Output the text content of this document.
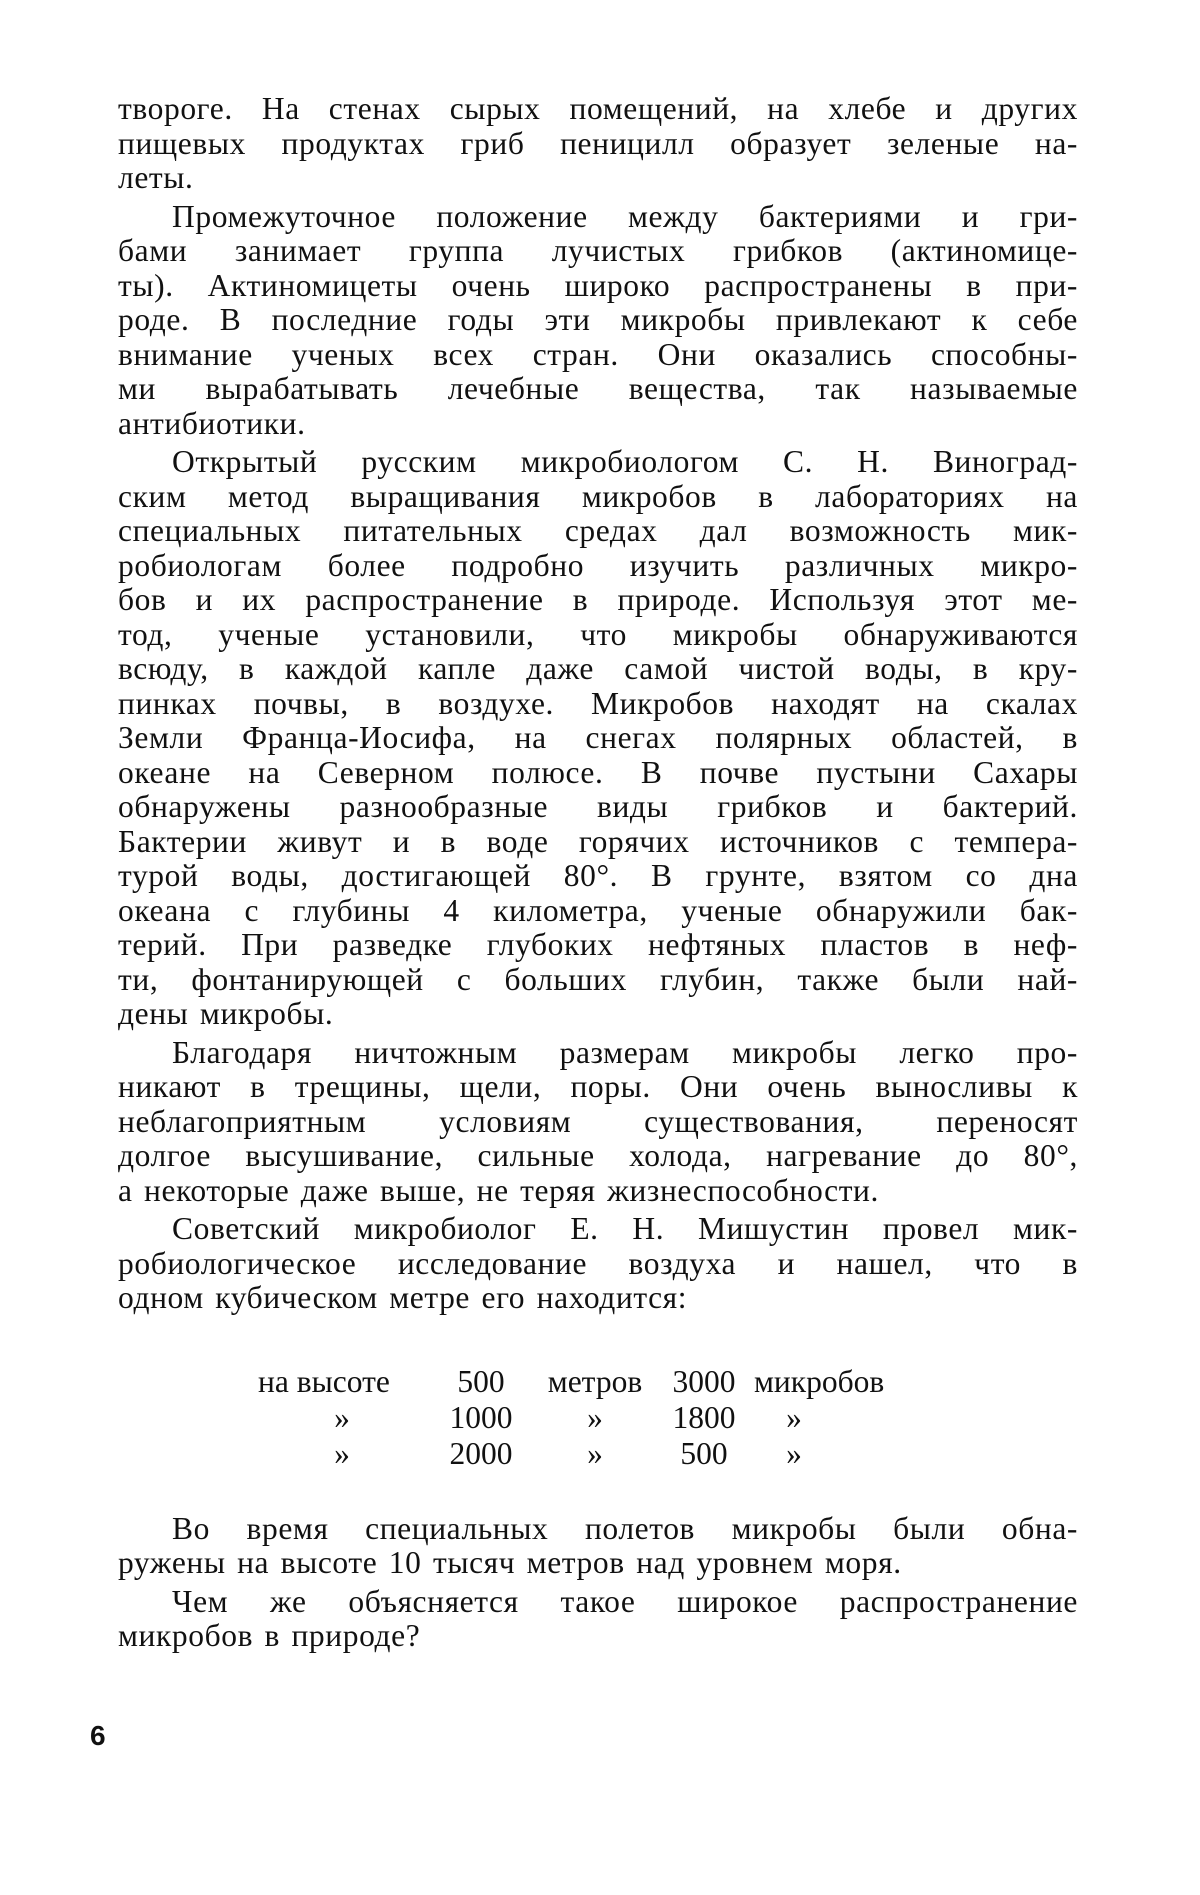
твороге. На стенах сырых помещений, на хлебе и других
пищевых продуктах гриб пеницилл образует зеленые на-
леты.
Промежуточное положение между бактериями и гри-
бами занимает группа лучистых грибков (актиномице-
ты). Актиномицеты очень широко распространены в при-
роде. В последние годы эти микробы привлекают к себе
внимание ученых всех стран. Они оказались способны-
ми вырабатывать лечебные вещества, так называемые
антибиотики.
Открытый русским микробиологом С. Н. Виноград-
ским метод выращивания микробов в лабораториях на
специальных питательных средах дал возможность мик-
робиологам более подробно изучить различных микро-
бов и их распространение в природе. Используя этот ме-
тод, ученые установили, что микробы обнаруживаются
всюду, в каждой капле даже самой чистой воды, в кру-
пинках почвы, в воздухе. Микробов находят на скалах
Земли Франца-Иосифа, на снегах полярных областей, в
океане на Северном полюсе. В почве пустыни Сахары
обнаружены разнообразные виды грибков и бактерий.
Бактерии живут и в воде горячих источников с темпера-
турой воды, достигающей 80°. В грунте, взятом со дна
океана с глубины 4 километра, ученые обнаружили бак-
терий. При разведке глубоких нефтяных пластов в неф-
ти, фонтанирующей с больших глубин, также были най-
дены микробы.
Благодаря ничтожным размерам микробы легко про-
никают в трещины, щели, поры. Они очень выносливы к
неблагоприятным условиям существования, переносят
долгое высушивание, сильные холода, нагревание до 80°,
а некоторые даже выше, не теряя жизнеспособности.
Советский микробиолог Е. Н. Мишустин провел мик-
робиологическое исследование воздуха и нашел, что в
одном кубическом метре его находится:
на высоте	500	метров 3000 микробов
»	1000	»	1800	»
»	2000	»	500	»
Во время специальных полетов микробы были обна-
ружены на высоте 10 тысяч метров над уровнем моря.
Чем же объясняется такое широкое распространение
микробов в природе?
6
